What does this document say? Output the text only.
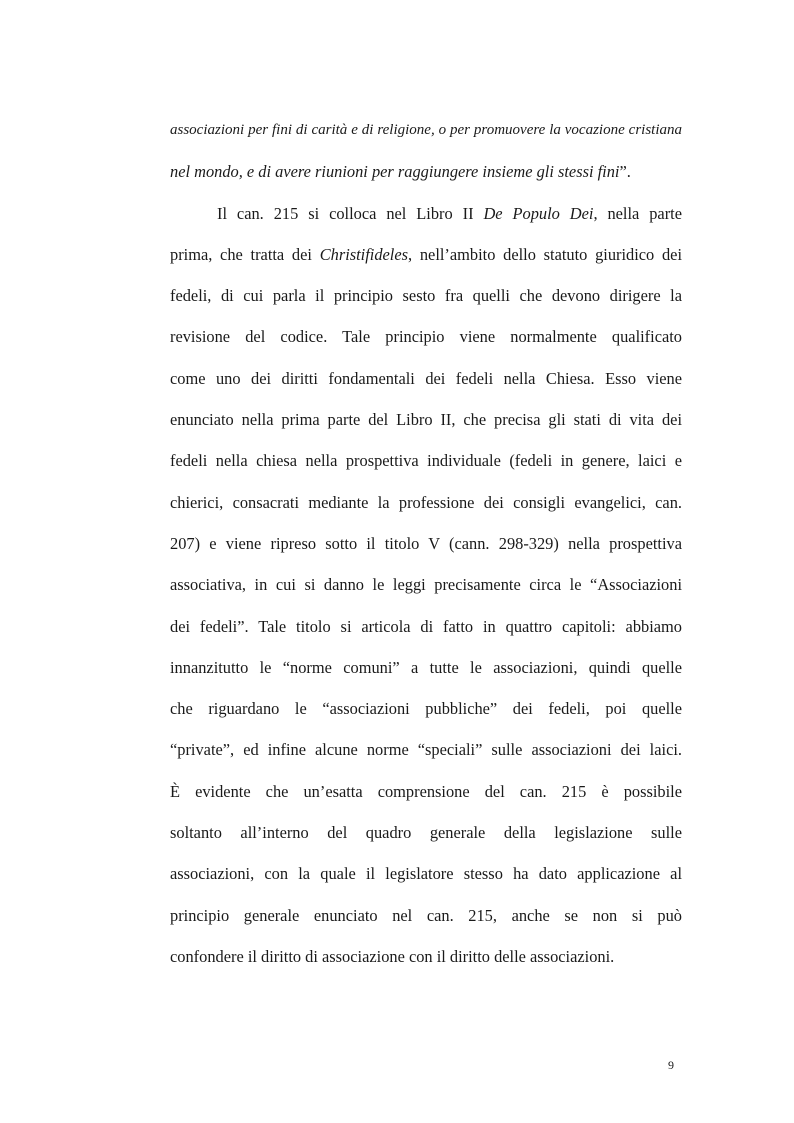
associazioni per fini di carità e di religione, o per promuovere la vocazione cristiana
nel mondo, e di avere riunioni per raggiungere insieme gli stessi fini”.
Il can. 215 si colloca nel Libro II De Populo Dei, nella parte
prima, che tratta dei Christifideles, nell’ambito dello statuto giuridico dei
fedeli, di cui parla il principio sesto fra quelli che devono dirigere la
revisione del codice. Tale principio viene normalmente qualificato
come uno dei diritti fondamentali dei fedeli nella Chiesa. Esso viene
enunciato nella prima parte del Libro II, che precisa gli stati di vita dei
fedeli nella chiesa nella prospettiva individuale (fedeli in genere, laici e
chierici, consacrati mediante la professione dei consigli evangelici, can.
207) e viene ripreso sotto il titolo V (cann. 298-329) nella prospettiva
associativa, in cui si danno le leggi precisamente circa le “Associazioni
dei fedeli”. Tale titolo si articola di fatto in quattro capitoli: abbiamo
innanzitutto le “norme comuni” a tutte le associazioni, quindi quelle
che riguardano le “associazioni pubbliche” dei fedeli, poi quelle
“private”, ed infine alcune norme “speciali” sulle associazioni dei laici.
È evidente che un’esatta comprensione del can. 215 è possibile
soltanto all’interno del quadro generale della legislazione sulle
associazioni, con la quale il legislatore stesso ha dato applicazione al
principio generale enunciato nel can. 215, anche se non si può
confondere il diritto di associazione con il diritto delle associazioni.
9
